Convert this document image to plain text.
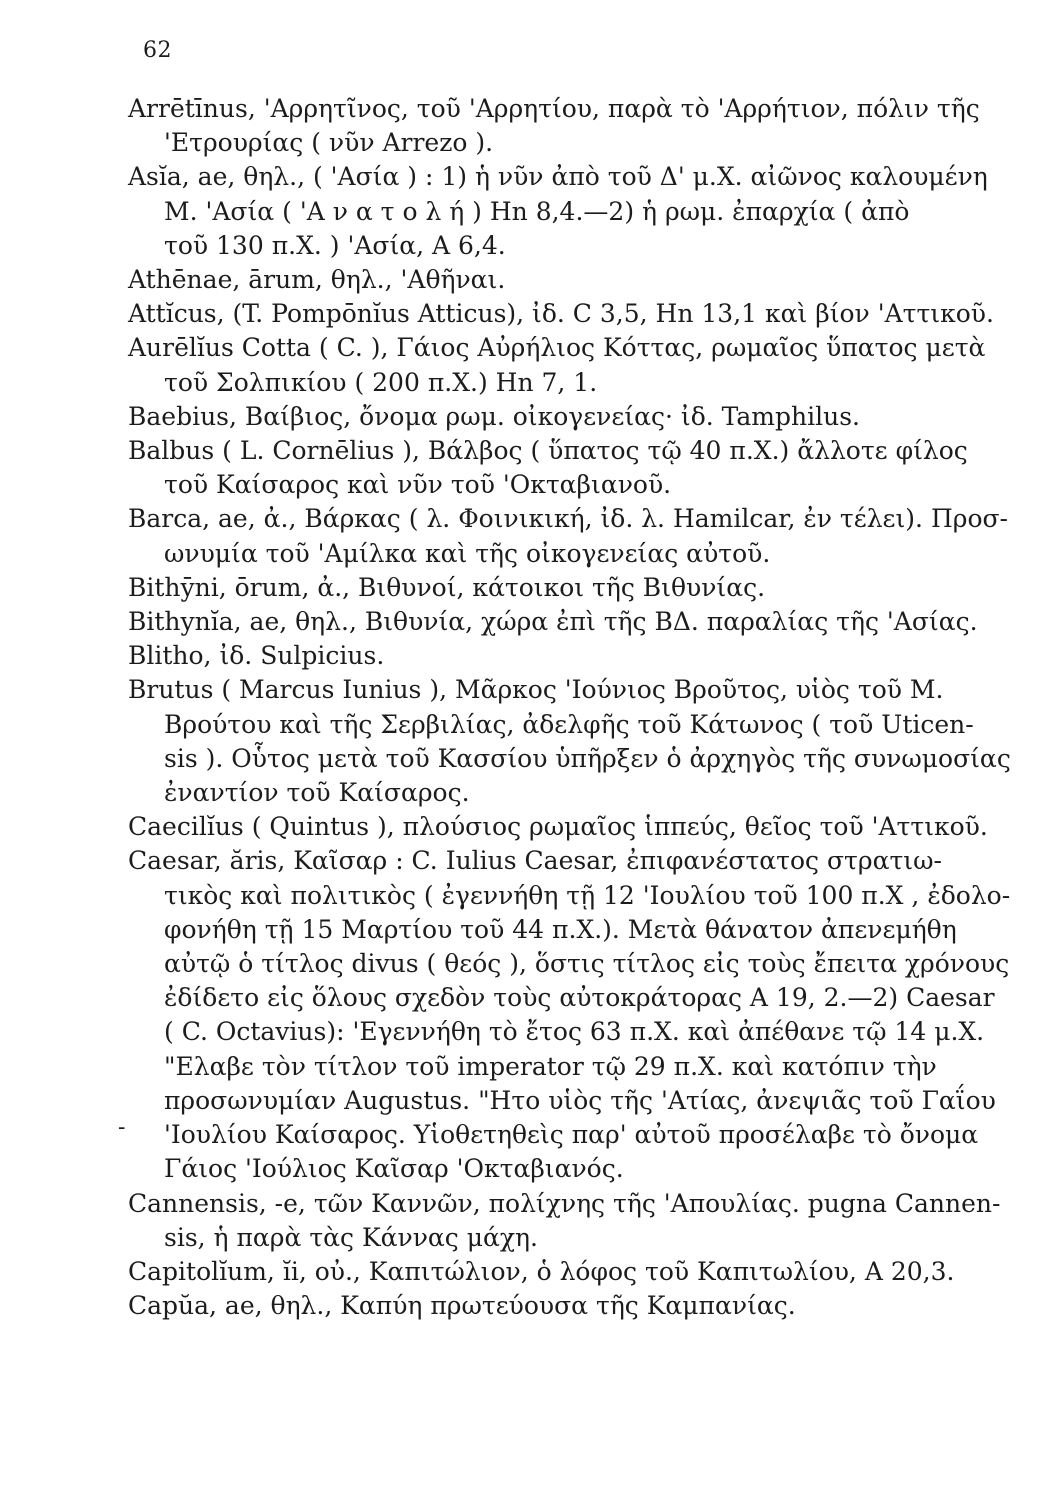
62
-
Arrētīnus, 'Αρρητῖνος, τοῦ 'Αρρητίου, παρὰ τὸ 'Αρρήτιον, πόλιν τῆς
'Ετρουρίας ( νῦν Arrezo ).
Asĭa, ae, θηλ., ( 'Ασία ) : 1) ἡ νῦν ἀπὸ τοῦ Δ' μ.Χ. αἰῶνος καλουμένη
Μ. 'Ασία ( 'Α ν α τ ο λ ή ) Hn 8,4.—2) ἡ ρωμ. ἐπαρχία ( ἀπὸ
τοῦ 130 π.Χ. ) 'Ασία, A 6,4.
Athēnae, ārum, θηλ., 'Αθῆναι.
Attĭcus, (T. Pompōnĭus Atticus), ἰδ. C 3,5, Hn 13,1 καὶ βίον 'Αττικοῦ.
Aurēlĭus Cotta ( C. ), Γάιος Αὐρήλιος Κόττας, ρωμαῖος ὕπατος μετὰ
τοῦ Σολπικίου ( 200 π.Χ.) Hn 7, 1.
Baebius, Βαίβιος, ὄνομα ρωμ. οἰκογενείας· ἰδ. Tamphilus.
Balbus ( L. Cornēlius ), Βάλβος ( ὕπατος τῷ 40 π.Χ.) ἄλλοτε φίλος
τοῦ Καίσαρος καὶ νῦν τοῦ 'Οκταβιανοῦ.
Barca, ae, ἀ., Βάρκας ( λ. Φοινικική, ἰδ. λ. Hamilcar, ἐν τέλει). Προσ-
ωνυμία τοῦ 'Αμίλκα καὶ τῆς οἰκογενείας αὐτοῦ.
Bithȳni, ōrum, ἀ., Βιθυνοί, κάτοικοι τῆς Βιθυνίας.
Bithynĭa, ae, θηλ., Βιθυνία, χώρα ἐπὶ τῆς ΒΔ. παραλίας τῆς 'Ασίας.
Blitho, ἰδ. Sulpicius.
Brutus ( Marcus Iunius ), Μᾶρκος 'Ιούνιος Βροῦτος, υἱὸς τοῦ Μ.
Βρούτου καὶ τῆς Σερβιλίας, ἀδελφῆς τοῦ Κάτωνος ( τοῦ Uticen-
sis ). Οὗτος μετὰ τοῦ Κασσίου ὑπῆρξεν ὁ ἀρχηγὸς τῆς συνωμοσίας
ἐναντίον τοῦ Καίσαρος.
Caecilĭus ( Quintus ), πλούσιος ρωμαῖος ἱππεύς, θεῖος τοῦ 'Αττικοῦ.
Caesar, ăris, Καῖσαρ : C. Iulius Caesar, ἐπιφανέστατος στρατιω-
τικὸς καὶ πολιτικὸς ( ἐγεννήθη τῇ 12 'Ιουλίου τοῦ 100 π.Χ , ἐδολο-
φονήθη τῇ 15 Μαρτίου τοῦ 44 π.Χ.). Μετὰ θάνατον ἀπενεμήθη
αὐτῷ ὁ τίτλος divus ( θεός ), ὅστις τίτλος εἰς τοὺς ἔπειτα χρόνους
ἐδίδετο εἰς ὅλους σχεδὸν τοὺς αὐτοκράτορας A 19, 2.—2) Caesar
( C. Octavius): 'Εγεννήθη τὸ ἔτος 63 π.Χ. καὶ ἀπέθανε τῷ 14 μ.Χ.
"Ελαβε τὸν τίτλον τοῦ imperator τῷ 29 π.Χ. καὶ κατόπιν τὴν
προσωνυμίαν Augustus. "Ητο υἱὸς τῆς 'Ατίας, ἀνεψιᾶς τοῦ Γαΐου
'Ιουλίου Καίσαρος. Υἱοθετηθεὶς παρ' αὐτοῦ προσέλαβε τὸ ὄνομα
Γάιος 'Ιούλιος Καῖσαρ 'Οκταβιανός.
Cannensis, -e, τῶν Καννῶν, πολίχνης τῆς 'Απουλίας. pugna Cannen-
sis, ἡ παρὰ τὰς Κάννας μάχη.
Capitolĭum, ĭi, οὐ., Καπιτώλιον, ὁ λόφος τοῦ Καπιτωλίου, A 20,3.
Capŭa, ae, θηλ., Καπύη πρωτεύουσα τῆς Καμπανίας.
